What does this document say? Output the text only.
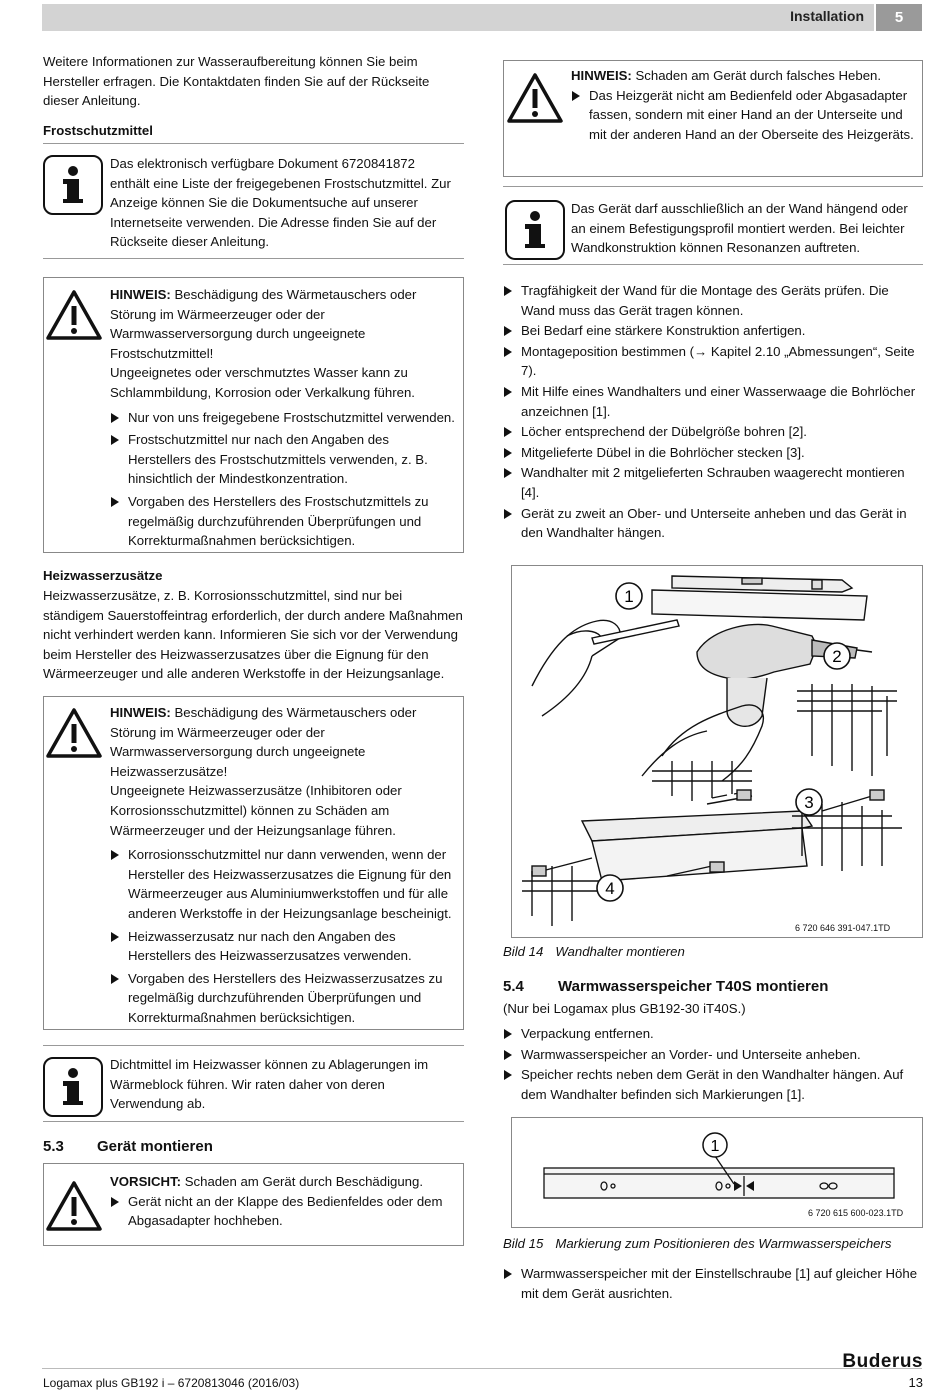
Installation	5
Weitere Informationen zur Wasseraufbereitung können Sie beim Hersteller erfragen. Die Kontaktdaten finden Sie auf der Rückseite dieser Anleitung.
Frostschutzmittel
Das elektronisch verfügbare Dokument 6720841872 enthält eine Liste der freigegebenen Frostschutzmittel. Zur Anzeige können Sie die Dokumentsuche auf unserer Internetseite verwenden. Die Adresse finden Sie auf der Rückseite dieser Anleitung.

HINWEIS: Beschädigung des Wärmetauschers oder Störung im Wärmeerzeuger oder der Warmwasserversorgung durch ungeeignete Frostschutzmittel!

Ungeeignetes oder verschmutztes Wasser kann zu Schlammbildung, Korrosion oder Verkalkung führen.

Nur von uns freigegebene Frostschutzmittel verwenden.
Frostschutzmittel nur nach den Angaben des Herstellers des Frostschutzmittels verwenden, z. B. hinsichtlich der Mindestkonzentration.
Vorgaben des Herstellers des Frostschutzmittels zu regelmäßig durchzuführenden Überprüfungen und Korrekturmaßnahmen berücksichtigen.
Heizwasserzusätze
Heizwasserzusätze, z. B. Korrosionsschutzmittel, sind nur bei ständigem Sauerstoffeintrag erforderlich, der durch andere Maßnahmen nicht verhindert werden kann. Informieren Sie sich vor der Verwendung beim Hersteller des Heizwasserzusatzes über die Eignung für den Wärmeerzeuger und alle anderen Werkstoffe in der Heizungsanlage.

HINWEIS: Beschädigung des Wärmetauschers oder Störung im Wärmeerzeuger oder der Warmwasserversorgung durch ungeeignete Heizwasserzusätze!

Ungeeignete Heizwasserzusätze (Inhibitoren oder Korrosionsschutzmittel) können zu Schäden am Wärmeerzeuger und der Heizungsanlage führen.

Korrosionsschutzmittel nur dann verwenden, wenn der Hersteller des Heizwasserzusatzes die Eignung für den Wärmeerzeuger aus Aluminiumwerkstoffen und für alle anderen Werkstoffe in der Heizungsanlage bescheinigt.
Heizwasserzusatz nur nach den Angaben des Herstellers des Heizwasserzusatzes verwenden.
Vorgaben des Herstellers des Heizwasserzusatzes zu regelmäßig durchzuführenden Überprüfungen und Korrekturmaßnahmen berücksichtigen.
Dichtmittel im Heizwasser können zu Ablagerungen im Wärmeblock führen. Wir raten daher von deren Verwendung ab.
5.3 Gerät montieren

VORSICHT: Schaden am Gerät durch Beschädigung.

Gerät nicht an der Klappe des Bedienfeldes oder dem Abgasadapter hochheben.

HINWEIS: Schaden am Gerät durch falsches Heben.

Das Heizgerät nicht am Bedienfeld oder Abgasadapter fassen, sondern mit einer Hand an der Unterseite und mit der anderen Hand an der Oberseite des Heizgeräts.
Das Gerät darf ausschließlich an der Wand hängend oder an einem Befestigungsprofil montiert werden. Bei leichter Wandkonstruktion können Resonanzen auftreten.
Tragfähigkeit der Wand für die Montage des Geräts prüfen. Die Wand muss das Gerät tragen können.
Bei Bedarf eine stärkere Konstruktion anfertigen.
Montageposition bestimmen (→ Kapitel 2.10 „Abmessungen“, Seite 7).
Mit Hilfe eines Wandhalters und einer Wasserwaage die Bohrlöcher anzeichnen [1].
Löcher entsprechend der Dübelgröße bohren [2].
Mitgelieferte Dübel in die Bohrlöcher stecken [3].
Wandhalter mit 2 mitgelieferten Schrauben waagerecht montieren [4].
Gerät zu zweit an Ober- und Unterseite anheben und das Gerät in den Wandhalter hängen.
1
2
3
4
6 720 646 391-047.1TD
Bild 14 Wandhalter montieren
5.4 Warmwasserspeicher T40S montieren
(Nur bei Logamax plus GB192-30 iT40S.)
Verpackung entfernen.
Warmwasserspeicher an Vorder- und Unterseite anheben.
Speicher rechts neben dem Gerät in den Wandhalter hängen. Auf dem Wandhalter befinden sich Markierungen [1].
1
6 720 615 600-023.1TD
Bild 15 Markierung zum Positionieren des Warmwasserspeichers
Warmwasserspeicher mit der Einstellschraube [1] auf gleicher Höhe mit dem Gerät ausrichten.
Logamax plus GB192 i – 6720813046 (2016/03)
Buderus
13
